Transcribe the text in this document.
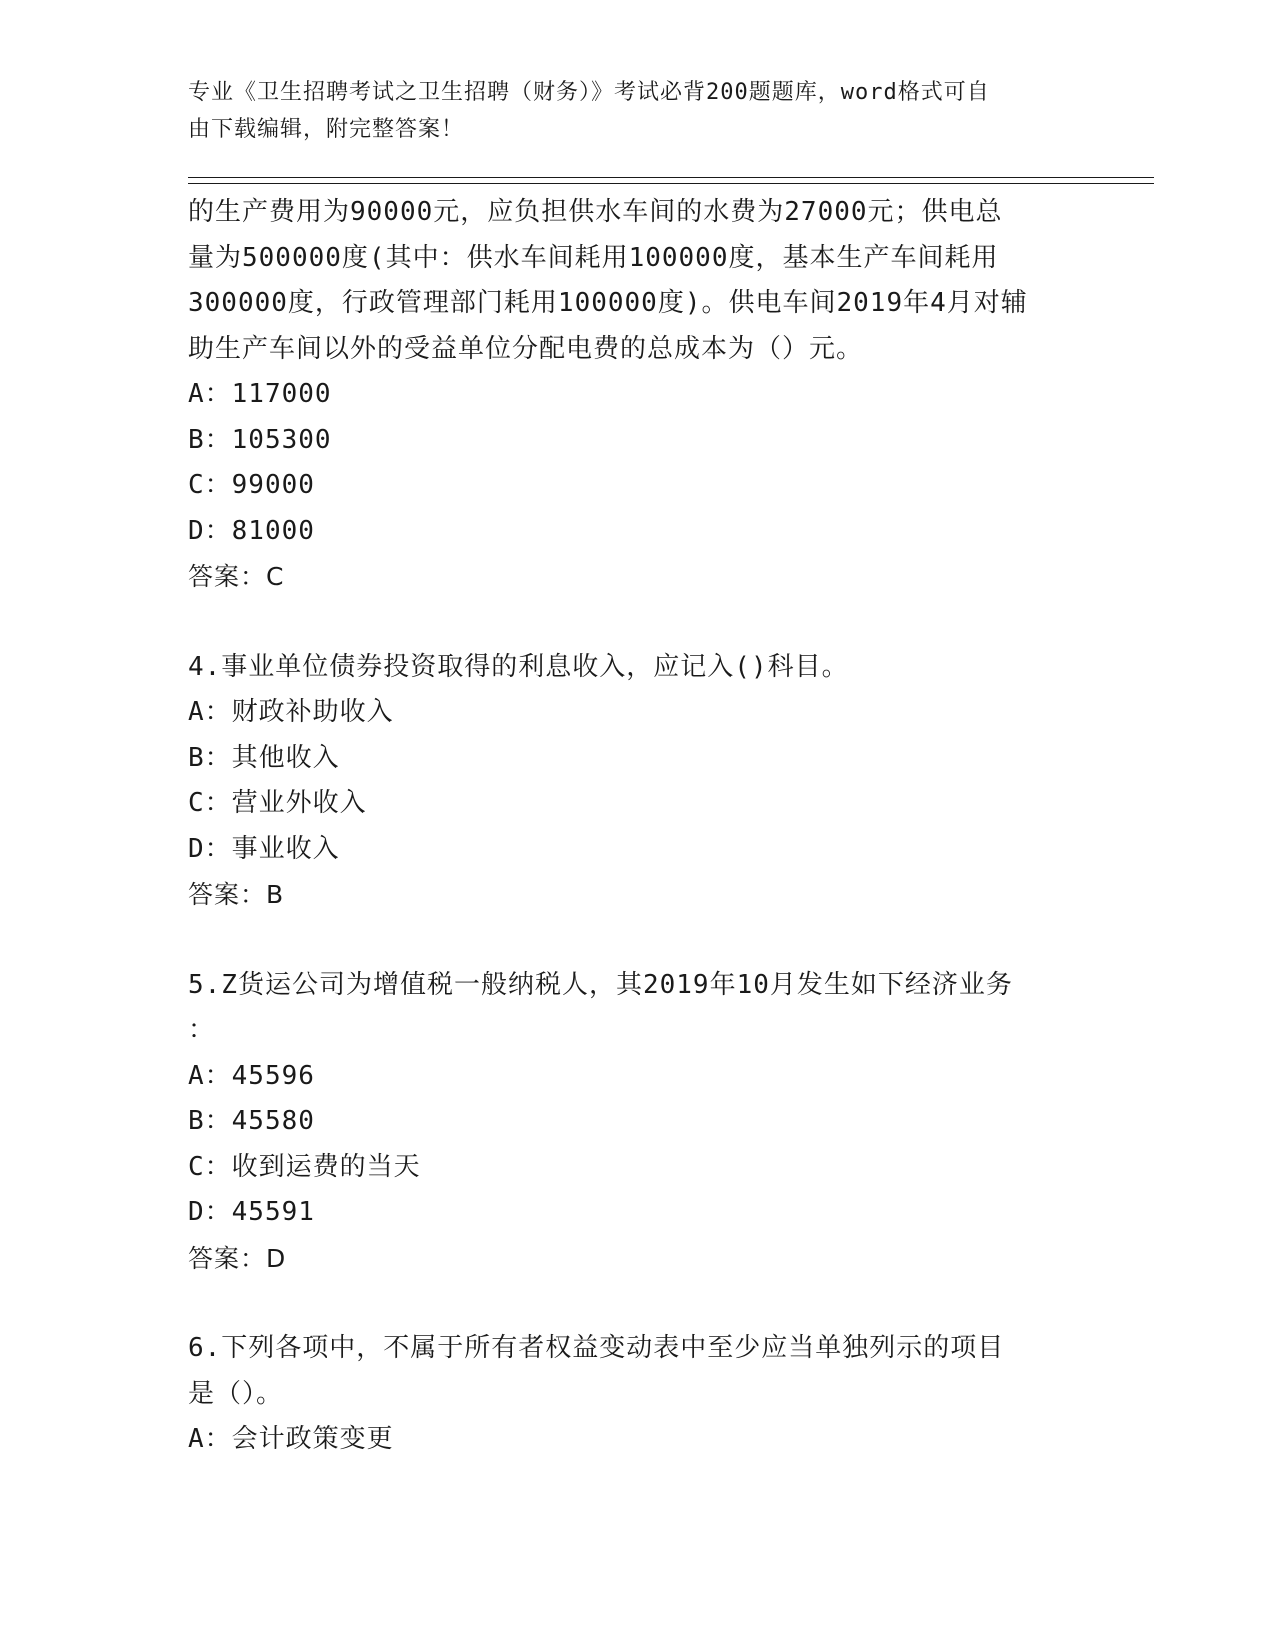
专业《卫生招聘考试之卫生招聘（财务）》考试必背200题题库，word格式可自
由下载编辑，附完整答案！

的生产费用为90000元，应负担供水车间的水费为27000元；供电总

量为500000度(其中：供水车间耗用100000度，基本生产车间耗用

300000度，行政管理部门耗用100000度)。供电车间2019年4月对辅

助生产车间以外的受益单位分配电费的总成本为（）元。

A：117000

B：105300

C：99000

D：81000

答案：C

4.事业单位债券投资取得的利息收入，应记入()科目。

A：财政补助收入

B：其他收入

C：营业外收入

D：事业收入

答案：B

5.Z货运公司为增值税一般纳税人，其2019年10月发生如下经济业务

：

A：45596

B：45580

C：收到运费的当天

D：45591

答案：D

6.下列各项中，不属于所有者权益变动表中至少应当单独列示的项目

是（）。

A：会计政策变更
